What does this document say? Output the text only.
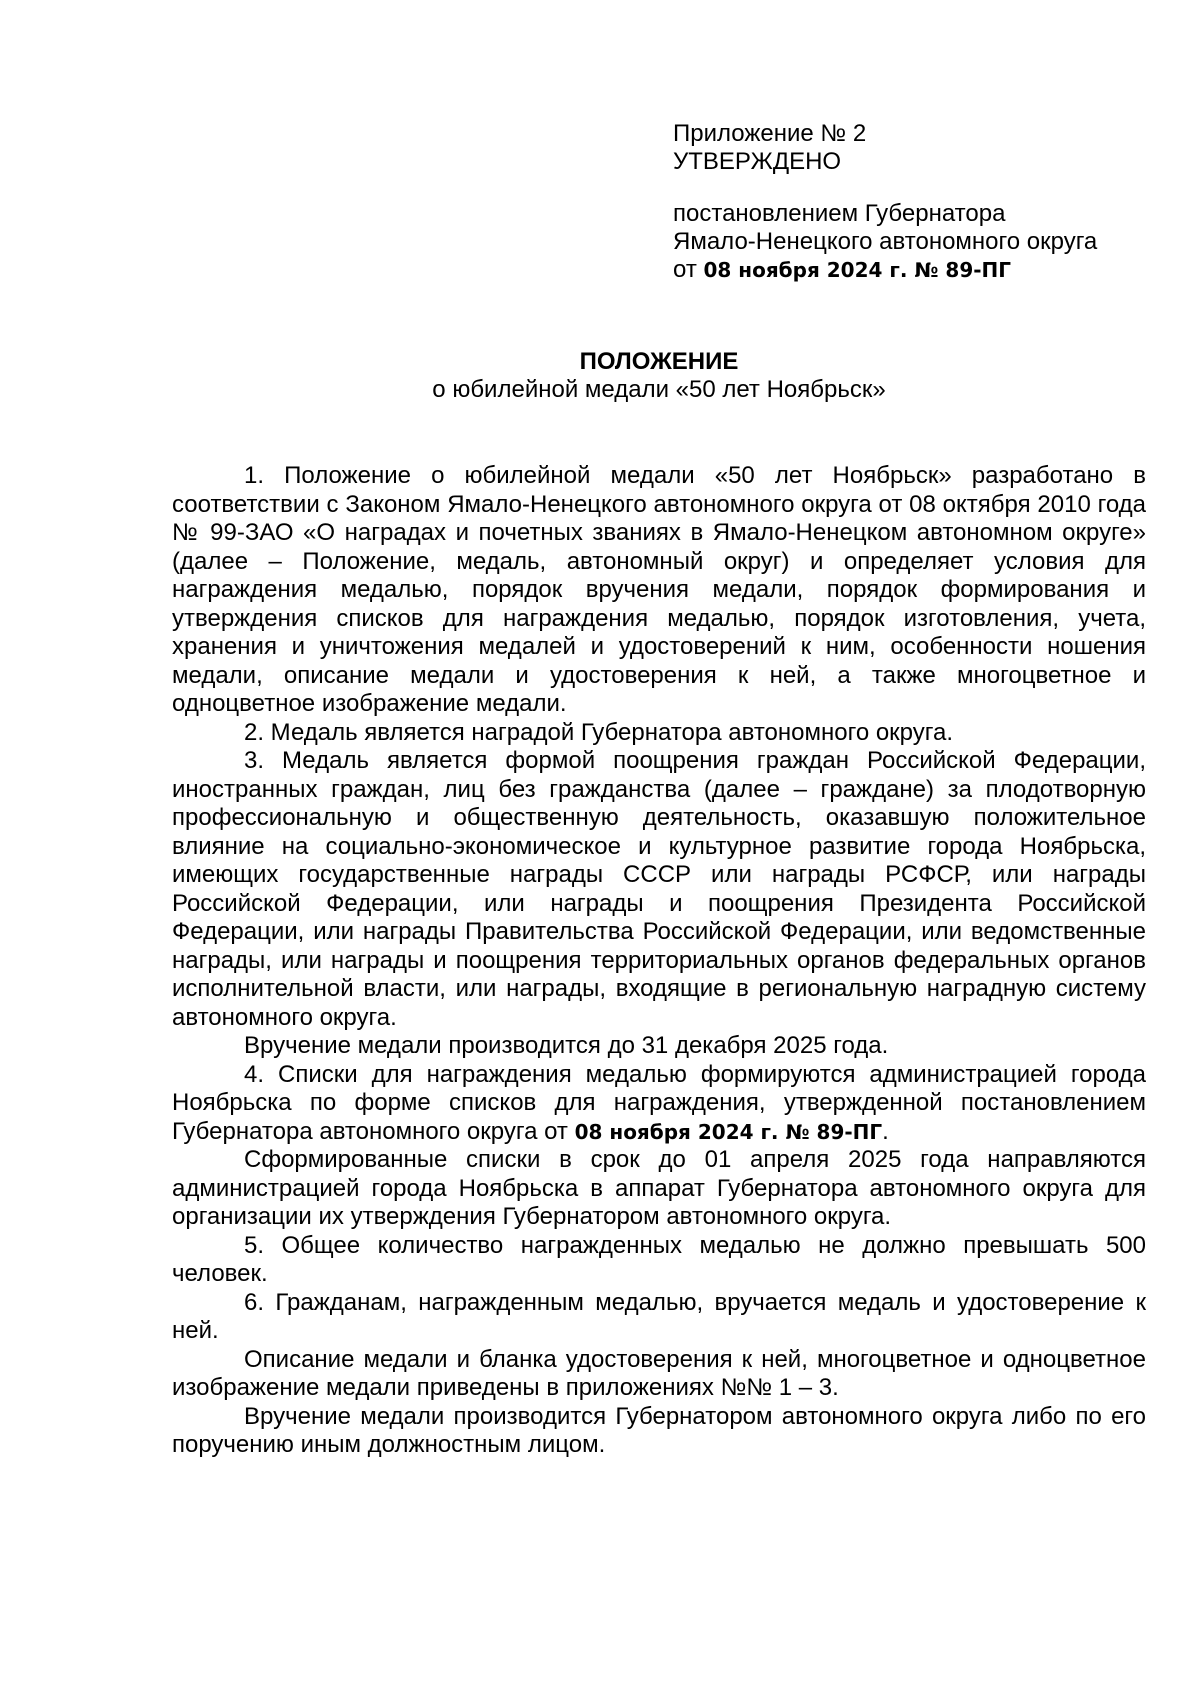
Приложение № 2
УТВЕРЖДЕНО
постановлением Губернатора
Ямало-Ненецкого автономного округа
от 08 ноября 2024 г. № 89-ПГ
ПОЛОЖЕНИЕ
о юбилейной медали «50 лет Ноябрьск»

1. Положение о юбилейной медали «50 лет Ноябрьск» разработано в соответствии с Законом Ямало-Ненецкого автономного округа от 08 октября 2010 года № 99-ЗАО «О наградах и почетных званиях в Ямало-Ненецком автономном округе» (далее – Положение, медаль, автономный округ) и определяет условия для награждения медалью, порядок вручения медали, порядок формирования и утверждения списков для награждения медалью, порядок изготовления, учета, хранения и уничтожения медалей и удостоверений к ним, особенности ношения медали, описание медали и удостоверения к ней, а также многоцветное и одноцветное изображение медали.

2. Медаль является наградой Губернатора автономного округа.

3. Медаль является формой поощрения граждан Российской Федерации, иностранных граждан, лиц без гражданства (далее – граждане) за плодотворную профессиональную и общественную деятельность, оказавшую положительное влияние на социально-экономическое и культурное развитие города Ноябрьска, имеющих государственные награды СССР или награды РСФСР, или награды Российской Федерации, или награды и поощрения Президента Российской Федерации, или награды Правительства Российской Федерации, или ведомственные награды, или награды и поощрения территориальных органов федеральных органов исполнительной власти, или награды, входящие в региональную наградную систему автономного округа.

Вручение медали производится до 31 декабря 2025 года.

4. Списки для награждения медалью формируются администрацией города Ноябрьска по форме списков для награждения, утвержденной постановлением Губернатора автономного округа от 08 ноября 2024 г. № 89-ПГ.

Сформированные списки в срок до 01 апреля 2025 года направляются администрацией города Ноябрьска в аппарат Губернатора автономного округа для организации их утверждения Губернатором автономного округа.

5. Общее количество награжденных медалью не должно превышать 500 человек.

6. Гражданам, награжденным медалью, вручается медаль и удостоверение к ней.

Описание медали и бланка удостоверения к ней, многоцветное и одноцветное изображение медали приведены в приложениях №№ 1 – 3.

Вручение медали производится Губернатором автономного округа либо по его поручению иным должностным лицом.
